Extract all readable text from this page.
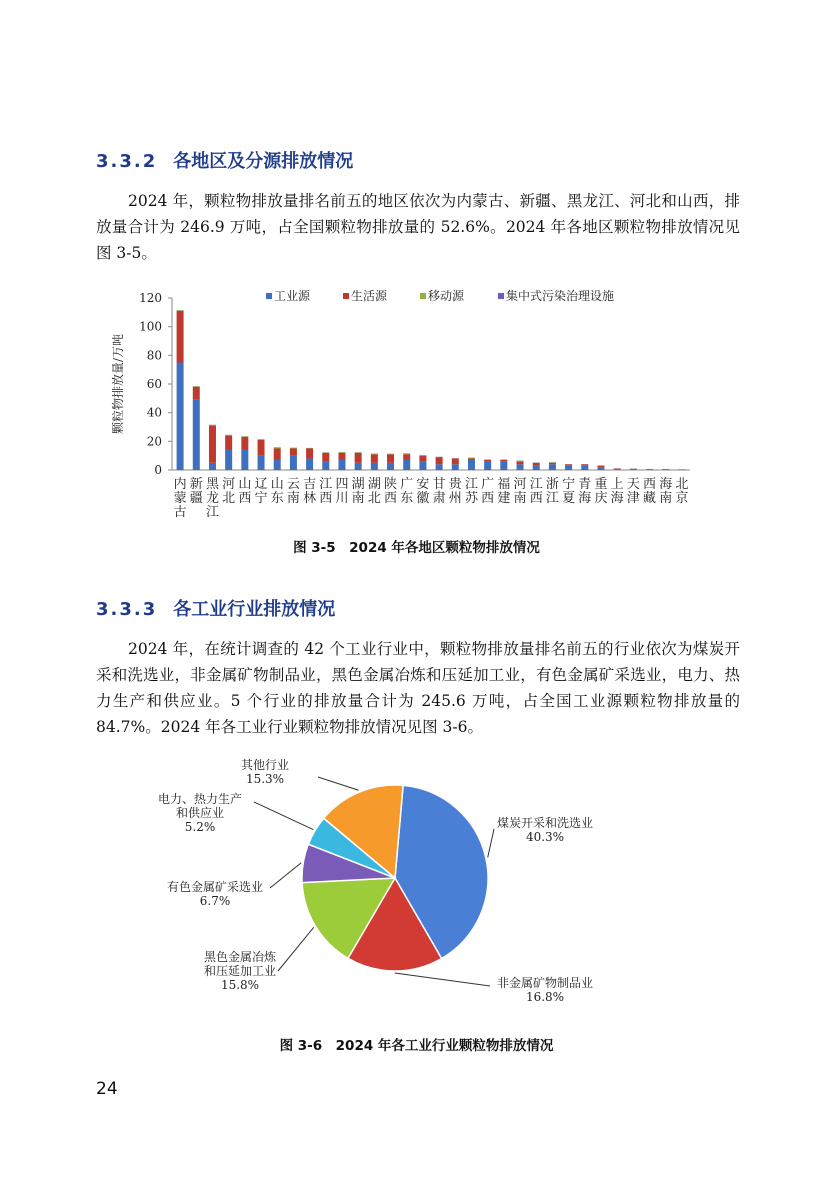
3.3.2 各地区及分源排放情况

2024 年，颗粒物排放量排名前五的地区依次为内蒙古、新疆、黑龙江、河北和山西，排放量合计为 246.9 万吨，占全国颗粒物排放量的 52.6%。2024 年各地区颗粒物排放情况见图 3-5。

0
20
40
60
80
100
120
颗粒物排放量/万吨
工业源	生活源	移动源	集中式污染治理设施
内
蒙
古
新
疆
黑
龙
江
河
北
山
西
辽
宁
山
东
云
南
吉
林
江
西
四
川
湖
南
湖
北
陕
西
广
东
安
徽
甘
肃
贵
州
江
苏
广
西
福
建
河
南
江
西
浙
江
宁
夏
青
海
重
庆
上
海
天
津
西
藏
海
南
北
京
图 3-5　2024 年各地区颗粒物排放情况
3.3.3 各工业行业排放情况

2024 年，在统计调查的 42 个工业行业中，颗粒物排放量排名前五的行业依次为煤炭开采和洗选业，非金属矿物制品业，黑色金属冶炼和压延加工业，有色金属矿采选业，电力、热力生产和供应业。5 个行业的排放量合计为 245.6 万吨，占全国工业源颗粒物排放量的 84.7%。2024 年各工业行业颗粒物排放情况见图 3-6。

煤炭开采和洗选业
40.3%
非金属矿物制品业
16.8%
黑色金属冶炼
和压延加工业
15.8%
有色金属矿采选业
6.7%
电力、热力生产
和供应业
5.2%
其他行业
15.3%
图 3-6　2024 年各工业行业颗粒物排放情况
24
